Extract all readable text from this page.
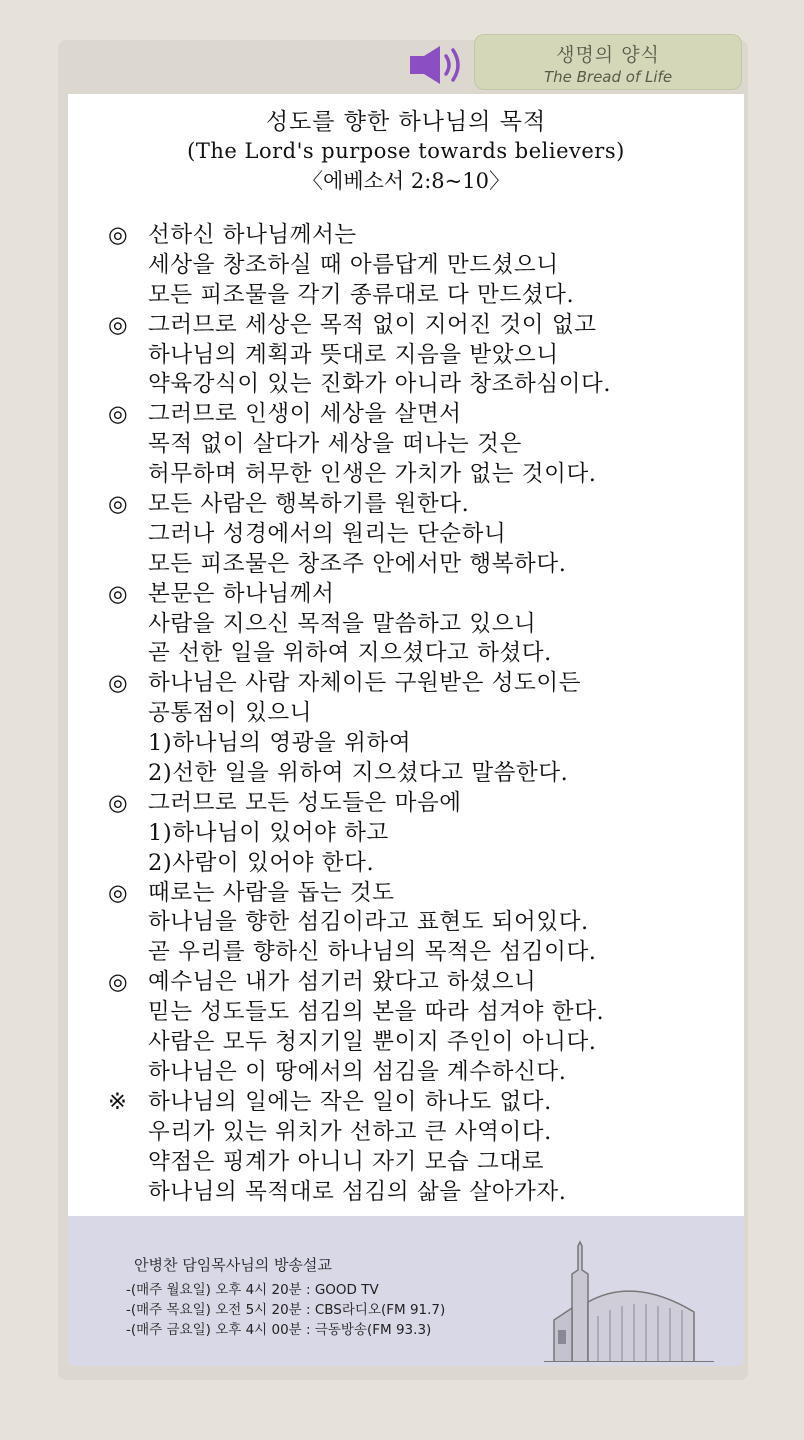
생명의 양식
The Bread of Life
성도를 향한 하나님의 목적
(The Lord's purpose towards believers)
〈에베소서 2:8~10〉
◎ 선하신 하나님께서는
세상을 창조하실 때 아름답게 만드셨으니
모든 피조물을 각기 종류대로 다 만드셨다.
◎ 그러므로 세상은 목적 없이 지어진 것이 없고
하나님의 계획과 뜻대로 지음을 받았으니
약육강식이 있는 진화가 아니라 창조하심이다.
◎ 그러므로 인생이 세상을 살면서
목적 없이 살다가 세상을 떠나는 것은
허무하며 허무한 인생은 가치가 없는 것이다.
◎ 모든 사람은 행복하기를 원한다.
그러나 성경에서의 원리는 단순하니
모든 피조물은 창조주 안에서만 행복하다.
◎ 본문은 하나님께서
사람을 지으신 목적을 말씀하고 있으니
곧 선한 일을 위하여 지으셨다고 하셨다.
◎ 하나님은 사람 자체이든 구원받은 성도이든
공통점이 있으니
1)하나님의 영광을 위하여
2)선한 일을 위하여 지으셨다고 말씀한다.
◎ 그러므로 모든 성도들은 마음에
1)하나님이 있어야 하고
2)사람이 있어야 한다.
◎ 때로는 사람을 돕는 것도
하나님을 향한 섬김이라고 표현도 되어있다.
곧 우리를 향하신 하나님의 목적은 섬김이다.
◎ 예수님은 내가 섬기러 왔다고 하셨으니
믿는 성도들도 섬김의 본을 따라 섬겨야 한다.
사람은 모두 청지기일 뿐이지 주인이 아니다.
하나님은 이 땅에서의 섬김을 계수하신다.
※ 하나님의 일에는 작은 일이 하나도 없다.
우리가 있는 위치가 선하고 큰 사역이다.
약점은 핑계가 아니니 자기 모습 그대로
하나님의 목적대로 섬김의 삶을 살아가자.
안병찬 담임목사님의 방송설교
-(매주 월요일) 오후 4시 20분 : GOOD TV
-(매주 목요일) 오전 5시 20분 : CBS라디오(FM 91.7)
-(매주 금요일) 오후 4시 00분 : 극동방송(FM 93.3)
